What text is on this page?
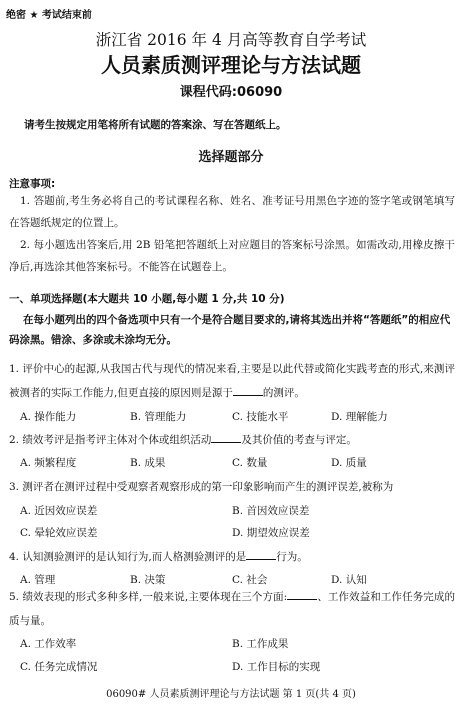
绝密 ★ 考试结束前
浙江省 2016 年 4 月高等教育自学考试
人员素质测评理论与方法试题
课程代码:06090
请考生按规定用笔将所有试题的答案涂、写在答题纸上。
选择题部分
注意事项:
1. 答题前,考生务必将自己的考试课程名称、姓名、准考证号用黑色字迹的签字笔或钢笔填写在答题纸规定的位置上。
2. 每小题选出答案后,用 2B 铅笔把答题纸上对应题目的答案标号涂黑。如需改动,用橡皮擦干净后,再选涂其他答案标号。不能答在试题卷上。
一、单项选择题(本大题共 10 小题,每小题 1 分,共 10 分)
在每小题列出的四个备选项中只有一个是符合题目要求的,请将其选出并将“答题纸”的相应代码涂黑。错涂、多涂或未涂均无分。
1. 评价中心的起源,从我国古代与现代的情况来看,主要是以此代替或简化实践考查的形式,来测评被测者的实际工作能力,但更直接的原因则是源于	的测评。
A. 操作能力	B. 管理能力	C. 技能水平	D. 理解能力
2. 绩效考评是指考评主体对个体或组织活动	及其价值的考查与评定。
A. 频繁程度	B. 成果	C. 数量	D. 质量
3. 测评者在测评过程中受观察者观察形成的第一印象影响而产生的测评误差,被称为
A. 近因效应误差	B. 首因效应误差
C. 晕轮效应误差	D. 期望效应误差
4. 认知测验测评的是认知行为,而人格测验测评的是	行为。
A. 管理	B. 决策	C. 社会	D. 认知
5. 绩效表现的形式多种多样,一般来说,主要体现在三个方面:	、工作效益和工作任务完成的质与量。
A. 工作效率	B. 工作成果
C. 任务完成情况	D. 工作目标的实现
06090# 人员素质测评理论与方法试题 第 1 页(共 4 页)
